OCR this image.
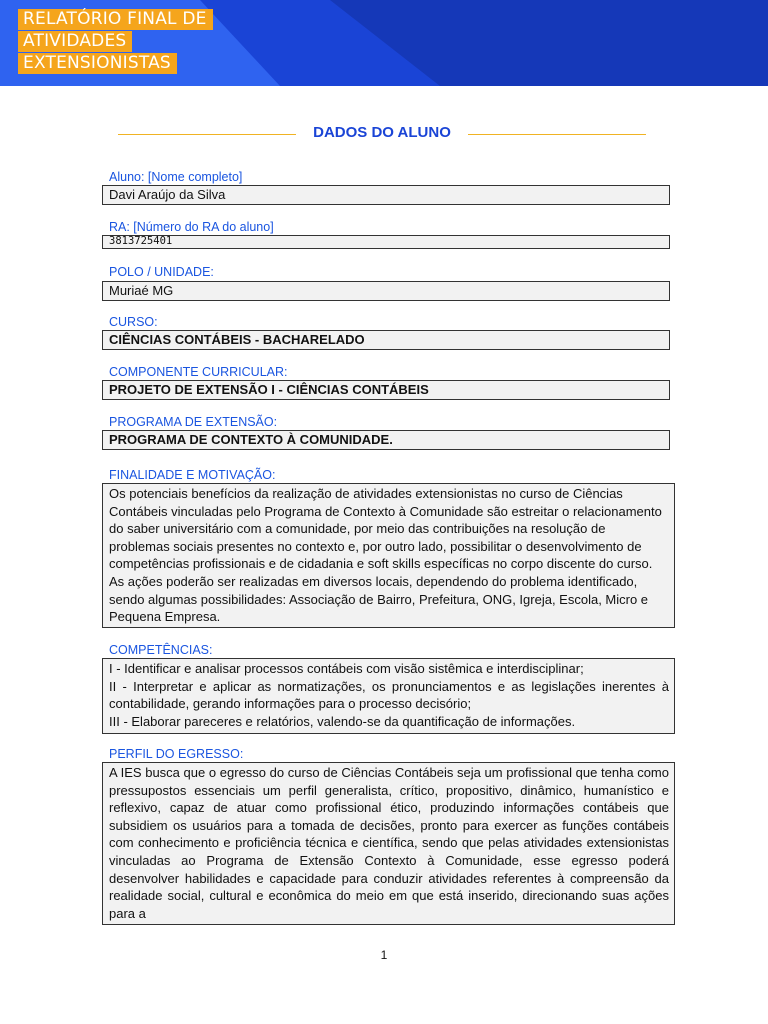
RELATÓRIO FINAL DE
ATIVIDADES
EXTENSIONISTAS
DADOS DO ALUNO
Aluno: [Nome completo]
Davi Araújo da Silva
RA: [Número do RA do aluno]
3813725401
POLO / UNIDADE:
Muriaé MG
CURSO:
CIÊNCIAS CONTÁBEIS - BACHARELADO
COMPONENTE CURRICULAR:
PROJETO DE EXTENSÃO I - CIÊNCIAS CONTÁBEIS
PROGRAMA DE EXTENSÃO:
PROGRAMA DE CONTEXTO À COMUNIDADE.
FINALIDADE E MOTIVAÇÃO:
Os potenciais benefícios da realização de atividades extensionistas no curso de Ciências Contábeis vinculadas pelo Programa de Contexto à Comunidade são estreitar o relacionamento do saber universitário com a comunidade, por meio das contribuições na resolução de problemas sociais presentes no contexto e, por outro lado, possibilitar o desenvolvimento de competências profissionais e de cidadania e soft skills específicas no corpo discente do curso. As ações poderão ser realizadas em diversos locais, dependendo do problema identificado, sendo algumas possibilidades: Associação de Bairro, Prefeitura, ONG, Igreja, Escola, Micro e Pequena Empresa.
COMPETÊNCIAS:
I - Identificar e analisar processos contábeis com visão sistêmica e interdisciplinar;
II - Interpretar e aplicar as normatizações, os pronunciamentos e as legislações inerentes à contabilidade, gerando informações para o processo decisório;
III - Elaborar pareceres e relatórios, valendo-se da quantificação de informações.
PERFIL DO EGRESSO:
A IES busca que o egresso do curso de Ciências Contábeis seja um profissional que tenha como pressupostos essenciais um perfil generalista, crítico, propositivo, dinâmico, humanístico e reflexivo, capaz de atuar como profissional ético, produzindo informações contábeis que subsidiem os usuários para a tomada de decisões, pronto para exercer as funções contábeis com conhecimento e proficiência técnica e científica, sendo que pelas atividades extensionistas vinculadas ao Programa de Extensão Contexto à Comunidade, esse egresso poderá desenvolver habilidades e capacidade para conduzir atividades referentes à compreensão da realidade social, cultural e econômica do meio em que está inserido, direcionando suas ações para a
1
